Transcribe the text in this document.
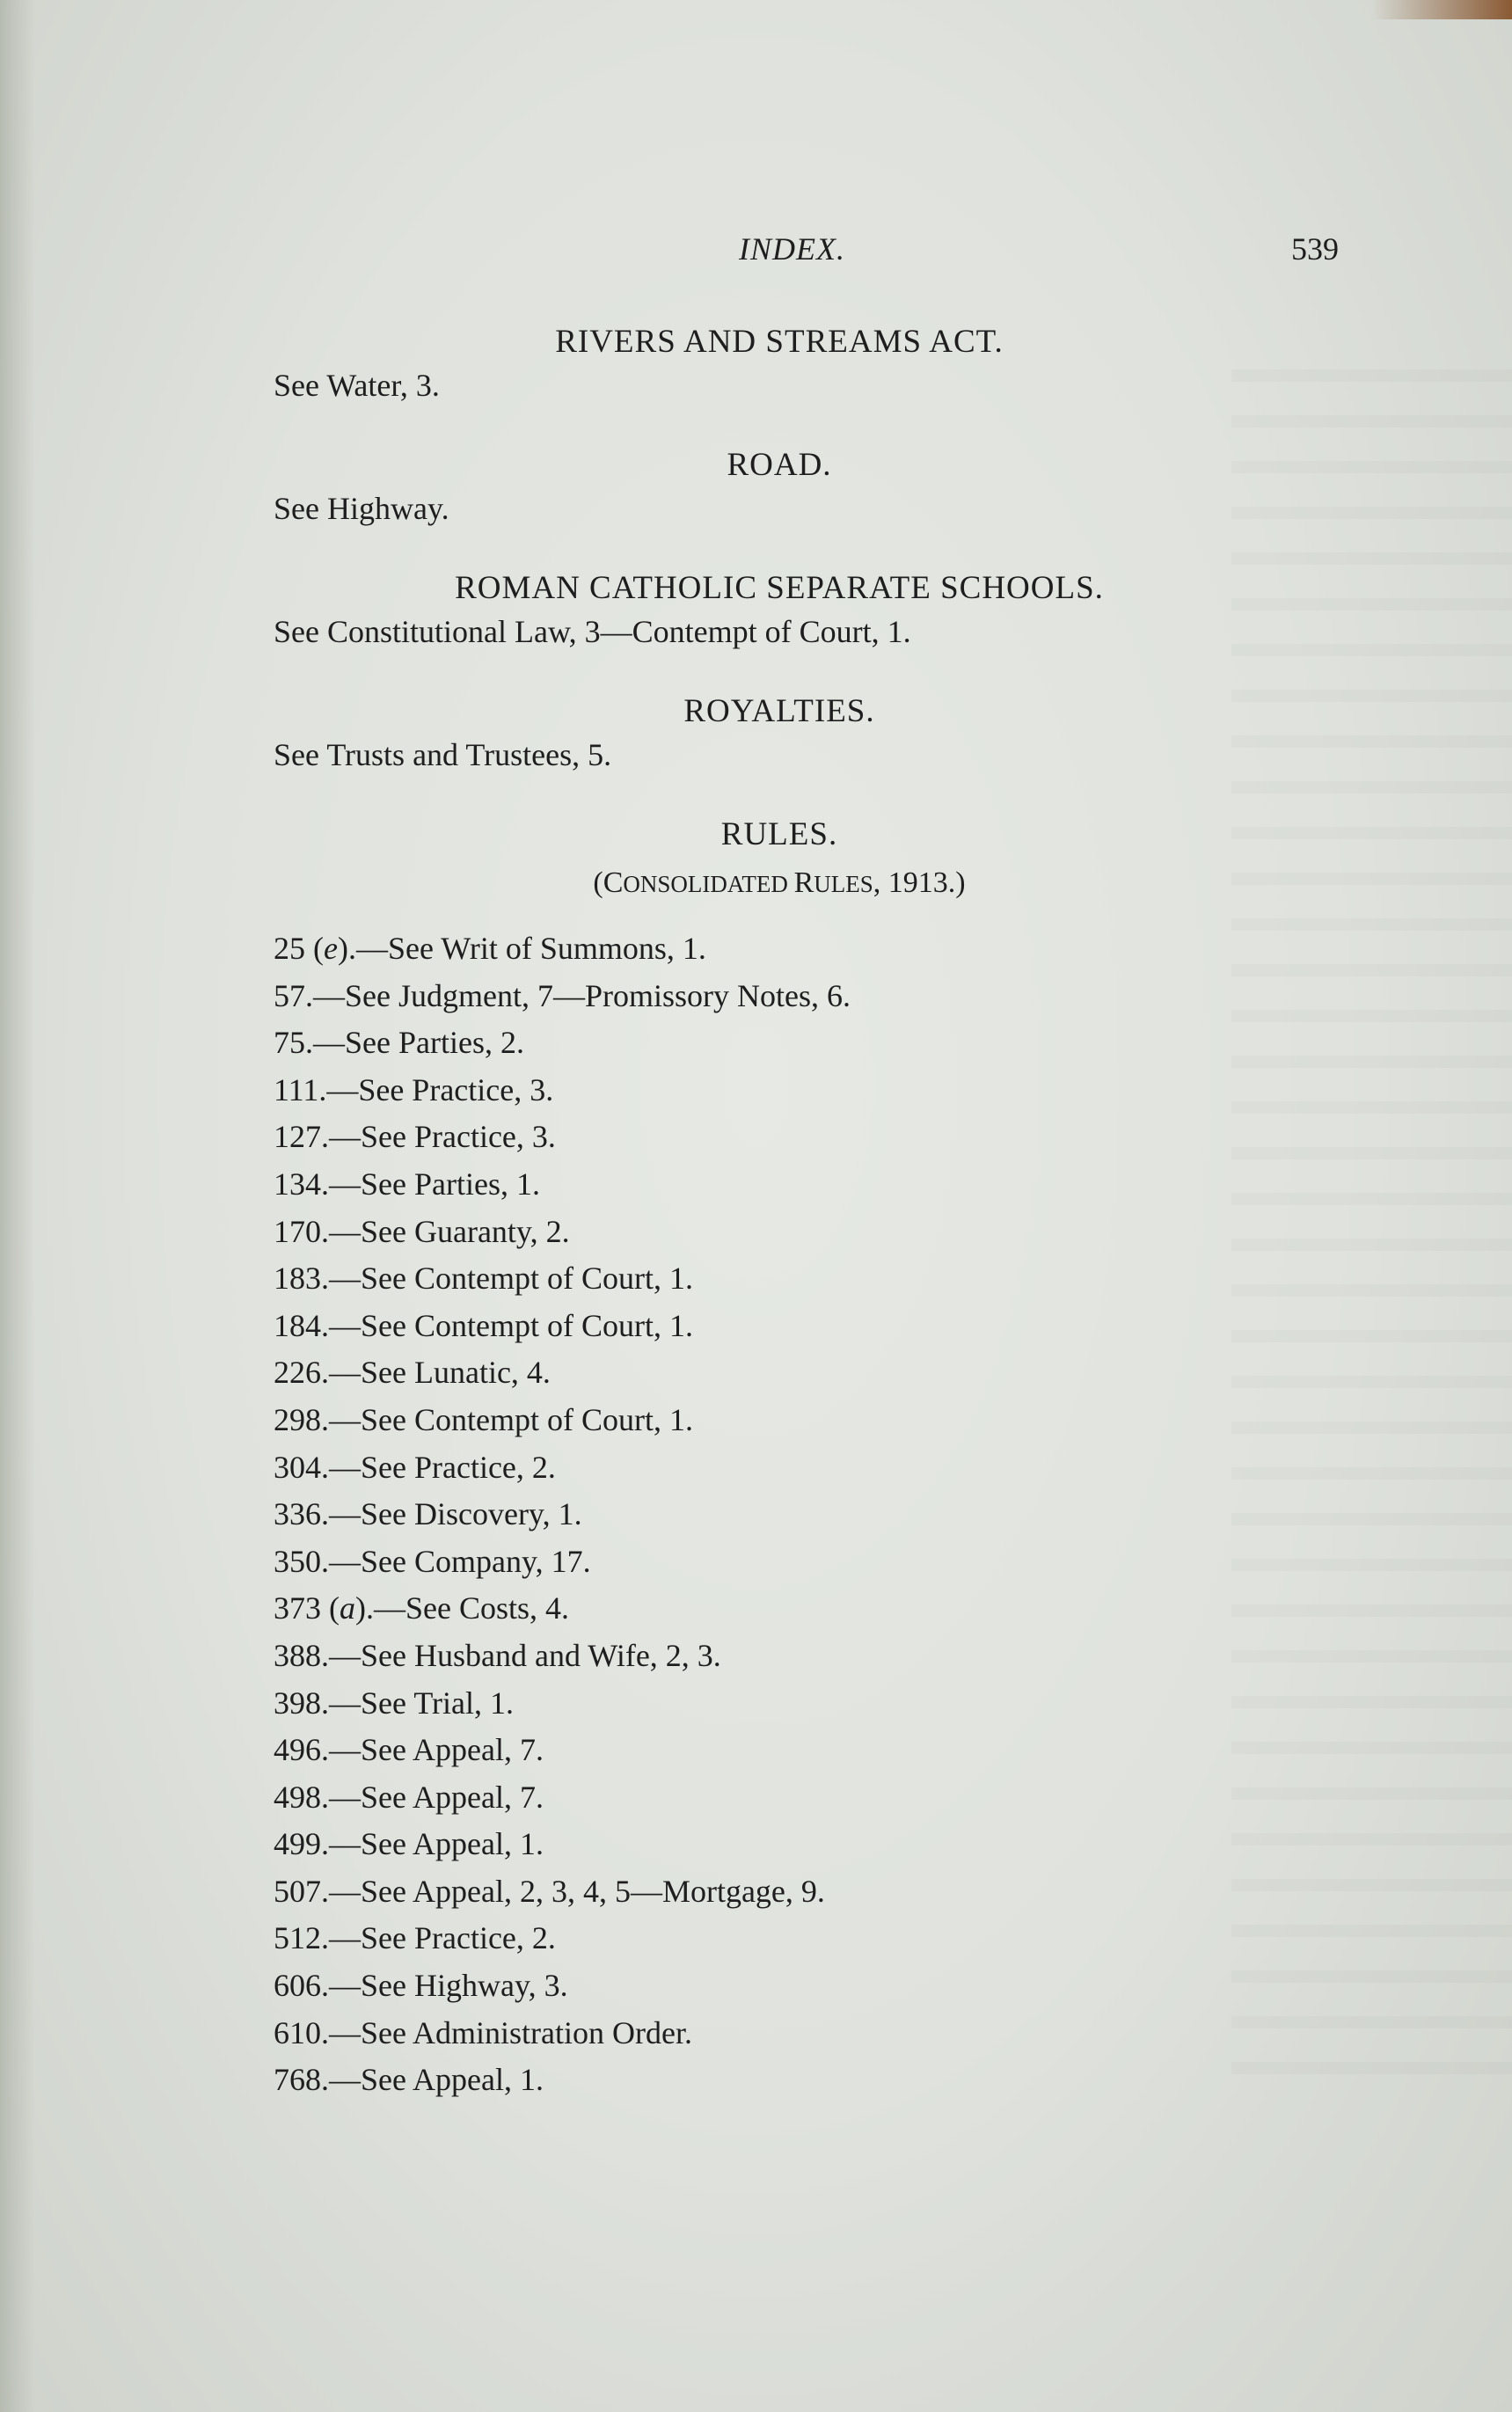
INDEX.	539

RIVERS AND STREAMS ACT.

See Water, 3.

ROAD.

See Highway.

ROMAN CATHOLIC SEPARATE SCHOOLS.

See Constitutional Law, 3—Contempt of Court, 1.

ROYALTIES.

See Trusts and Trustees, 5.

RULES.

(CONSOLIDATED RULES, 1913.)

25 (e).—See Writ of Summons, 1.
57.—See Judgment, 7—Promissory Notes, 6.
75.—See Parties, 2.
111.—See Practice, 3.
127.—See Practice, 3.
134.—See Parties, 1.
170.—See Guaranty, 2.
183.—See Contempt of Court, 1.
184.—See Contempt of Court, 1.
226.—See Lunatic, 4.
298.—See Contempt of Court, 1.
304.—See Practice, 2.
336.—See Discovery, 1.
350.—See Company, 17.
373 (a).—See Costs, 4.
388.—See Husband and Wife, 2, 3.
398.—See Trial, 1.
496.—See Appeal, 7.
498.—See Appeal, 7.
499.—See Appeal, 1.
507.—See Appeal, 2, 3, 4, 5—Mortgage, 9.
512.—See Practice, 2.
606.—See Highway, 3.
610.—See Administration Order.
768.—See Appeal, 1.
